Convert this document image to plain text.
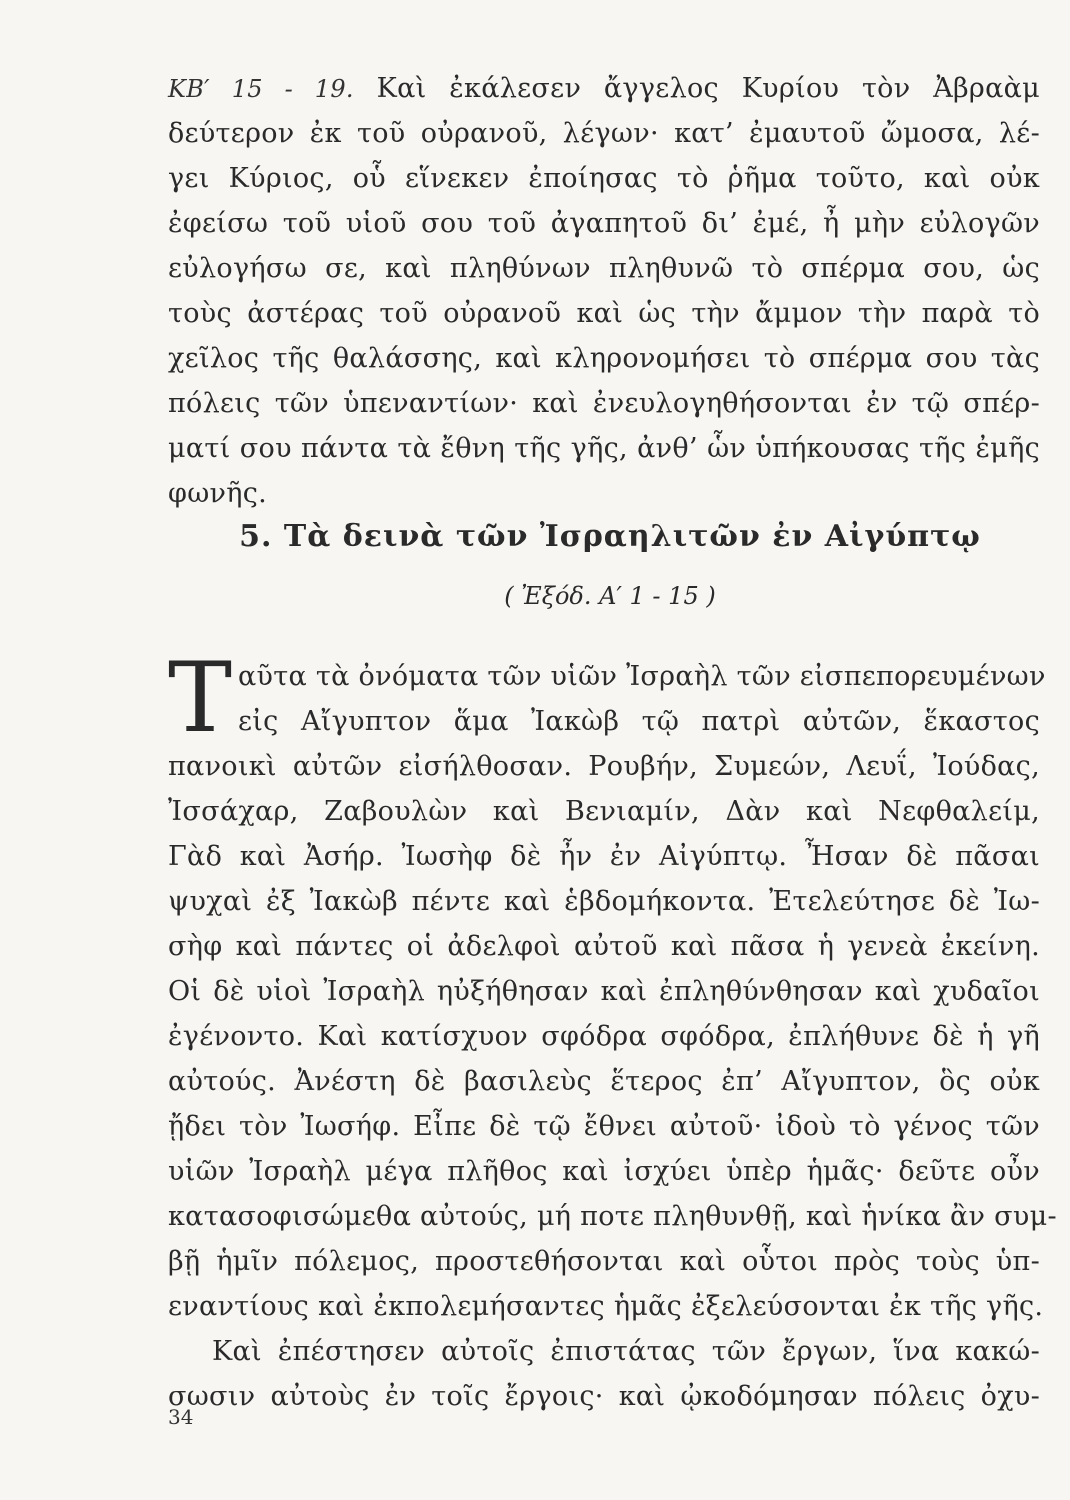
ΚΒ′ 15 - 19. Καὶ ἐκάλεσεν ἄγγελος Κυρίου τὸν Ἀβραὰμ
δεύτερον ἐκ τοῦ οὐρανοῦ, λέγων· κατ’ ἐμαυτοῦ ὤμοσα, λέ-
γει Κύριος, οὗ εἵνεκεν ἐποίησας τὸ ῥῆμα τοῦτο, καὶ οὐκ
ἐφείσω τοῦ υἱοῦ σου τοῦ ἀγαπητοῦ δι’ ἐμέ, ἦ μὴν εὐλογῶν
εὐλογήσω σε, καὶ πληθύνων πληθυνῶ τὸ σπέρμα σου, ὡς
τοὺς ἀστέρας τοῦ οὐρανοῦ καὶ ὡς τὴν ἄμμον τὴν παρὰ τὸ
χεῖλος τῆς θαλάσσης, καὶ κληρονομήσει τὸ σπέρμα σου τὰς
πόλεις τῶν ὑπεναντίων· καὶ ἐνευλογηθήσονται ἐν τῷ σπέρ-
ματί σου πάντα τὰ ἔθνη τῆς γῆς, ἀνθ’ ὧν ὑπήκουσας τῆς ἐμῆς
φωνῆς.
5. Τὰ δεινὰ τῶν Ἰσραηλιτῶν ἐν Αἰγύπτῳ
( Ἐξόδ. Α′ 1 - 15 )
Τ αῦτα τὰ ὀνόματα τῶν υἱῶν Ἰσραὴλ τῶν εἰσπεπορευμένων
εἰς Αἴγυπτον ἅμα Ἰακὼβ τῷ πατρὶ αὐτῶν, ἕκαστος
πανοικὶ αὐτῶν εἰσήλθοσαν. Ρουβήν, Συμεών, Λευΐ, Ἰούδας,
Ἰσσάχαρ, Ζαβουλὼν καὶ Βενιαμίν, Δὰν καὶ Νεφθαλείμ,
Γὰδ καὶ Ἀσήρ. Ἰωσὴφ δὲ ἦν ἐν Αἰγύπτῳ. Ἦσαν δὲ πᾶσαι
ψυχαὶ ἐξ Ἰακὼβ πέντε καὶ ἑβδομήκοντα. Ἐτελεύτησε δὲ Ἰω-
σὴφ καὶ πάντες οἱ ἀδελφοὶ αὐτοῦ καὶ πᾶσα ἡ γενεὰ ἐκείνη.
Οἱ δὲ υἱοὶ Ἰσραὴλ ηὐξήθησαν καὶ ἐπληθύνθησαν καὶ χυδαῖοι
ἐγένοντο. Καὶ κατίσχυον σφόδρα σφόδρα, ἐπλήθυνε δὲ ἡ γῆ
αὐτούς. Ἀνέστη δὲ βασιλεὺς ἕτερος ἐπ’ Αἴγυπτον, ὃς οὐκ
ᾔδει τὸν Ἰωσήφ. Εἶπε δὲ τῷ ἔθνει αὐτοῦ· ἰδοὺ τὸ γένος τῶν
υἱῶν Ἰσραὴλ μέγα πλῆθος καὶ ἰσχύει ὑπὲρ ἡμᾶς· δεῦτε οὖν
κατασοφισώμεθα αὐτούς, μή ποτε πληθυνθῇ, καὶ ἡνίκα ἂν συμ-
βῇ ἡμῖν πόλεμος, προστεθήσονται καὶ οὗτοι πρὸς τοὺς ὑπ-
εναντίους καὶ ἐκπολεμήσαντες ἡμᾶς ἐξελεύσονται ἐκ τῆς γῆς.
Καὶ ἐπέστησεν αὐτοῖς ἐπιστάτας τῶν ἔργων, ἵνα κακώ-
σωσιν αὐτοὺς ἐν τοῖς ἔργοις· καὶ ᾠκοδόμησαν πόλεις ὀχυ-
34
